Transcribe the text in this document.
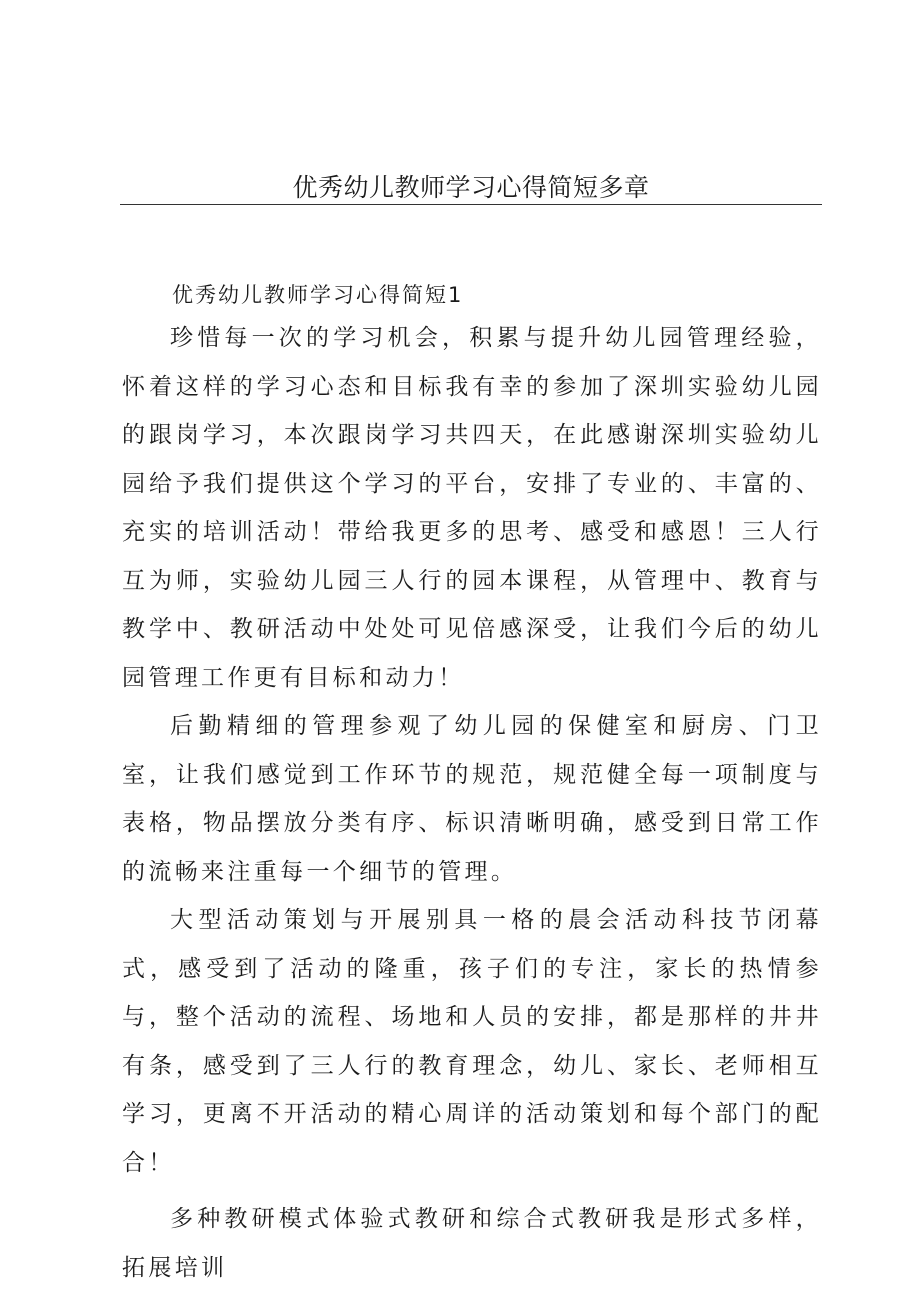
优秀幼儿教师学习心得简短多章
优秀幼儿教师学习心得简短1

珍惜每一次的学习机会，积累与提升幼儿园管理经验，怀着这样的学习心态和目标我有幸的参加了深圳实验幼儿园的跟岗学习，本次跟岗学习共四天，在此感谢深圳实验幼儿园给予我们提供这个学习的平台，安排了专业的、丰富的、充实的培训活动！带给我更多的思考、感受和感恩！三人行互为师，实验幼儿园三人行的园本课程，从管理中、教育与教学中、教研活动中处处可见倍感深受，让我们今后的幼儿园管理工作更有目标和动力！

后勤精细的管理参观了幼儿园的保健室和厨房、门卫室，让我们感觉到工作环节的规范，规范健全每一项制度与表格，物品摆放分类有序、标识清晰明确，感受到日常工作的流畅来注重每一个细节的管理。

大型活动策划与开展别具一格的晨会活动科技节闭幕式，感受到了活动的隆重，孩子们的专注，家长的热情参与，整个活动的流程、场地和人员的安排，都是那样的井井有条，感受到了三人行的教育理念，幼儿、家长、老师相互学习，更离不开活动的精心周详的活动策划和每个部门的配合！

多种教研模式体验式教研和综合式教研我是形式多样，拓展培训
